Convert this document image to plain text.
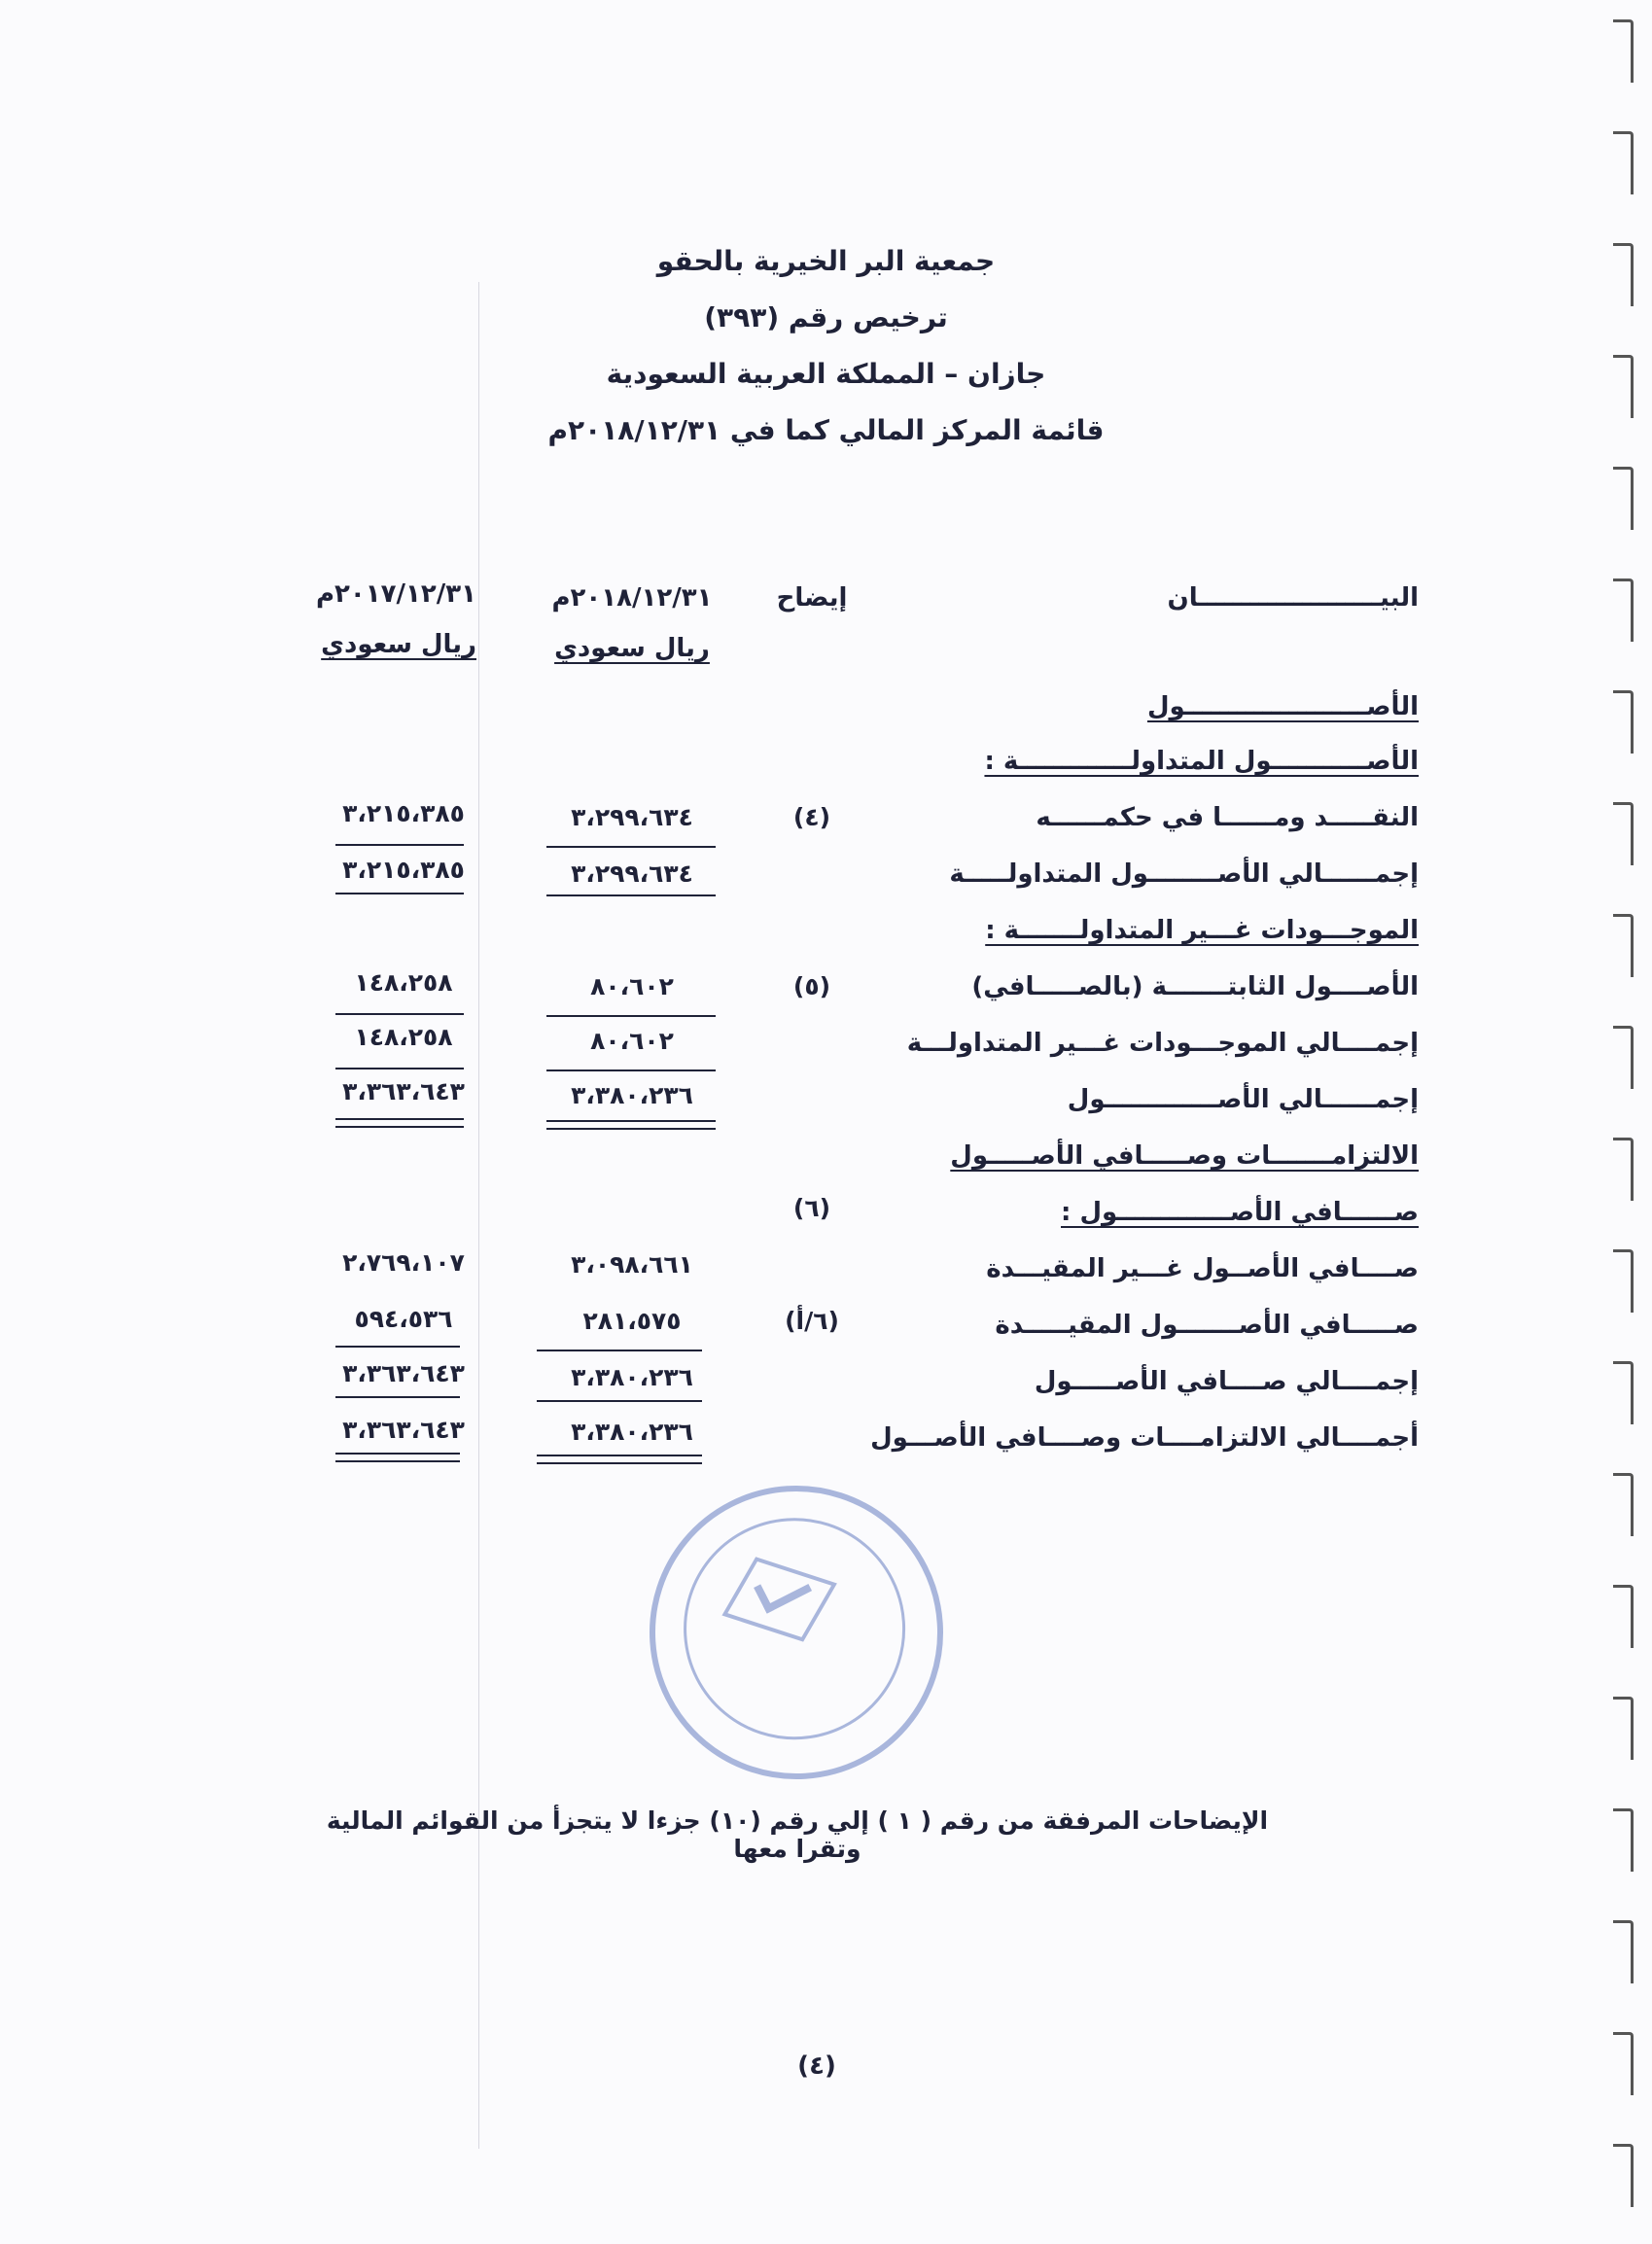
جمعية البر الخيرية بالحقو
ترخيص رقم (٣٩٣)
جازان – المملكة العربية السعودية
قائمة المركز المالي كما في ٢٠١٨/١٢/٣١م
البيـــــــــــــــــــــان
إيضاح
٢٠١٨/١٢/٣١م
٢٠١٧/١٢/٣١م
ريال سعودي
ريال سعودي
الأصـــــــــــــــــــــول
الأصـــــــــــول المتداولـــــــــــــة :
النقـــــد ومــــــا في حكمــــــه
(٤)
٣،٢٩٩،٦٣٤
٣،٢١٥،٣٨٥
إجمــــــالي الأصــــــــول المتداولـــــة
٣،٢٩٩،٦٣٤
٣،٢١٥،٣٨٥
الموجـــودات غـــير المتداولـــــــة :
الأصــــول الثابتـــــــة (بالصـــــافي)
(٥)
٨٠،٦٠٢
١٤٨،٢٥٨
إجمــــالي الموجـــودات غـــير المتداولـــة
٨٠،٦٠٢
١٤٨،٢٥٨
إجمــــــالي الأصـــــــــــــول
٣،٣٨٠،٢٣٦
٣،٣٦٣،٦٤٣
الالتزامـــــــات وصـــــافي الأصـــــول
صــــــافي الأصـــــــــــــول :
(٦)
صــــافي الأصــول غـــير المقيـــدة
٣،٠٩٨،٦٦١
٢،٧٦٩،١٠٧
صـــــافي الأصـــــــول المقيـــــدة
(٦/أ)
٢٨١،٥٧٥
٥٩٤،٥٣٦
إجمــــالي صــــافي الأصـــــول
٣،٣٨٠،٢٣٦
٣،٣٦٣،٦٤٣
أجمــــالي الالتزامــــات وصــــافي الأصـــول
٣،٣٨٠،٢٣٦
٣،٣٦٣،٦٤٣
الإيضاحات المرفقة من رقم ( ١ ) إلي رقم (١٠) جزءا لا يتجزأ من القوائم المالية وتقرا معها
(٤)
